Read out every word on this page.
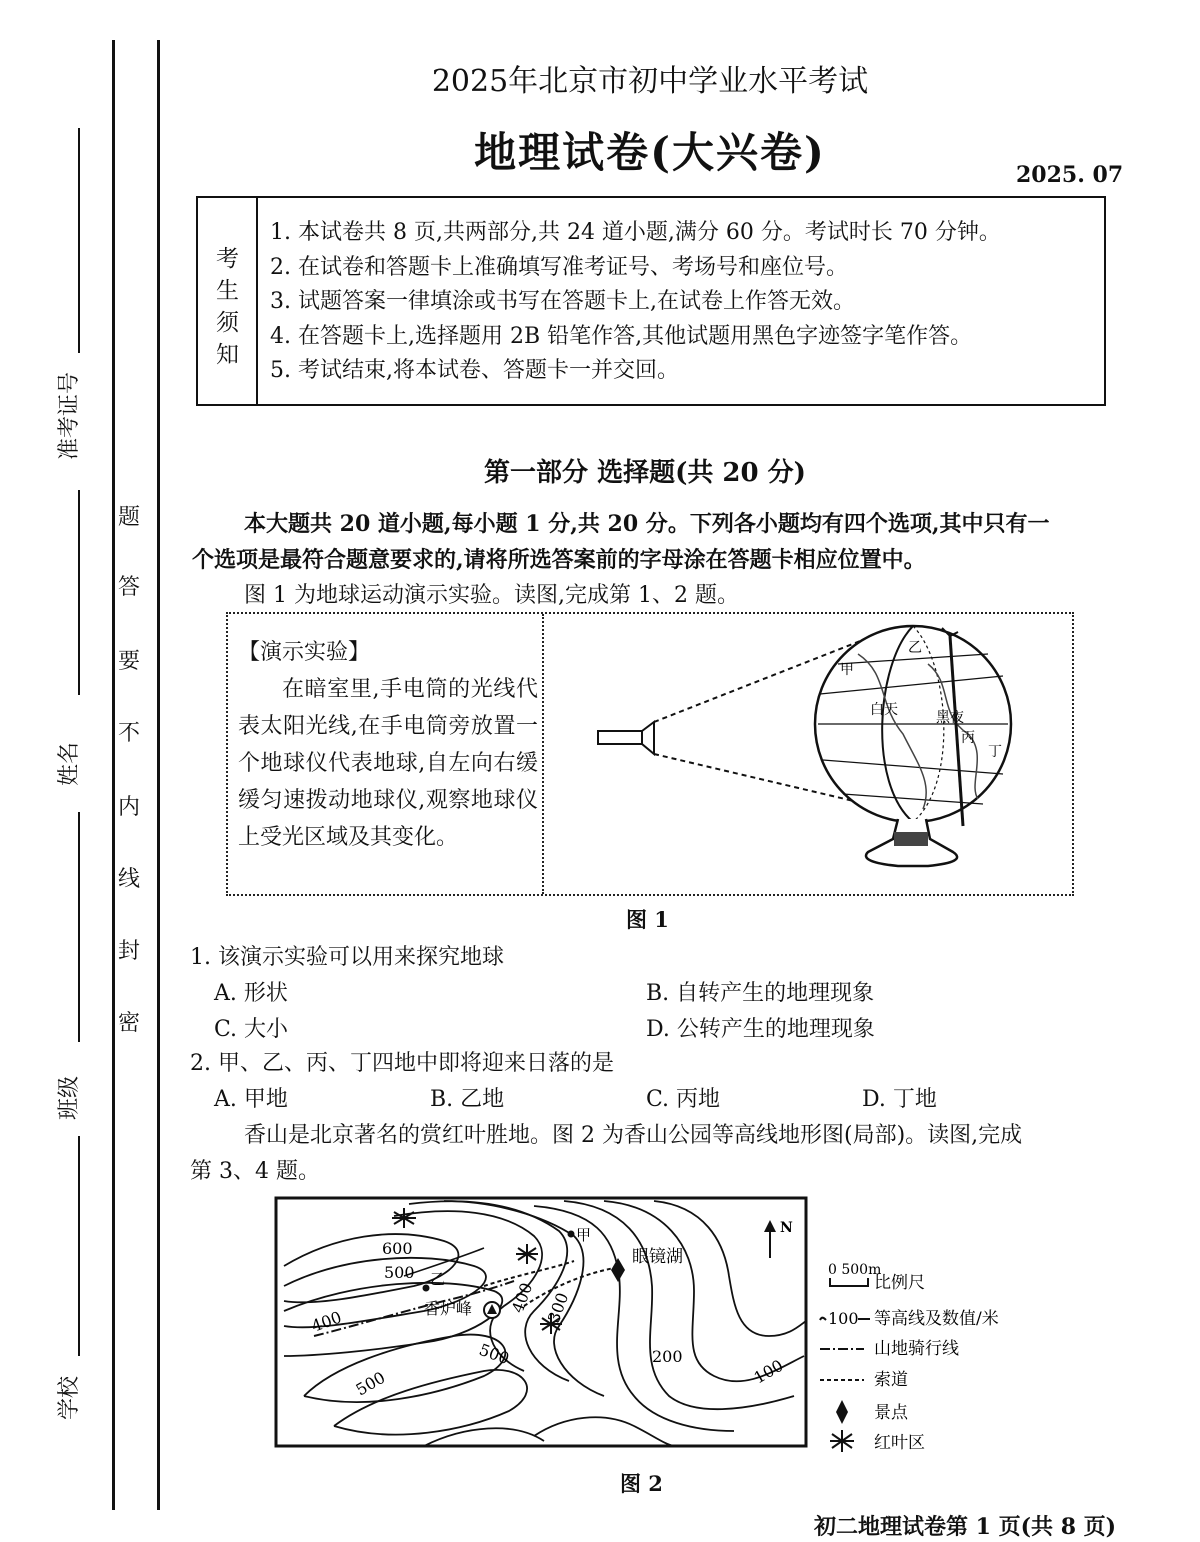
准考证号
姓名
班级
学校
题
答
要
不
内
线
封
密
2025年北京市初中学业水平考试
地理试卷(大兴卷)	2025. 07
考
生
须
知
1. 本试卷共 8 页,共两部分,共 24 道小题,满分 60 分。考试时长 70 分钟。
2. 在试卷和答题卡上准确填写准考证号、考场号和座位号。
3. 试题答案一律填涂或书写在答题卡上,在试卷上作答无效。
4. 在答题卡上,选择题用 2B 铅笔作答,其他试题用黑色字迹签字笔作答。
5. 考试结束,将本试卷、答题卡一并交回。
第一部分 选择题(共 20 分)
本大题共 20 道小题,每小题 1 分,共 20 分。下列各小题均有四个选项,其中只有一
个选项是最符合题意要求的,请将所选答案前的字母涂在答题卡相应位置中。
图 1 为地球运动演示实验。读图,完成第 1、2 题。
【演示实验】
在暗室里,手电筒的光线代表太阳光线,在手电筒旁放置一个地球仪代表地球,自左向右缓缓匀速拨动地球仪,观察地球仪上受光区域及其变化。
甲
乙
丙
丁
白天	黑夜
图 1
1. 该演示实验可以用来探究地球
A. 形状	B. 自转产生的地理现象
C. 大小	D. 公转产生的地理现象
2. 甲、乙、丙、丁四地中即将迎来日落的是
A. 甲地	B. 乙地	C. 丙地	D. 丁地
香山是北京著名的赏红叶胜地。图 2 为香山公园等高线地形图(局部)。读图,完成
第 3、4 题。
N
600
500
400
500
500
400 300
200	100
甲
乙
香炉峰
眼镜湖
0 500m
比例尺
100 等高线及数值/米
山地骑行线
索道
景点
红叶区
图 2
初二地理试卷第 1 页(共 8 页)
